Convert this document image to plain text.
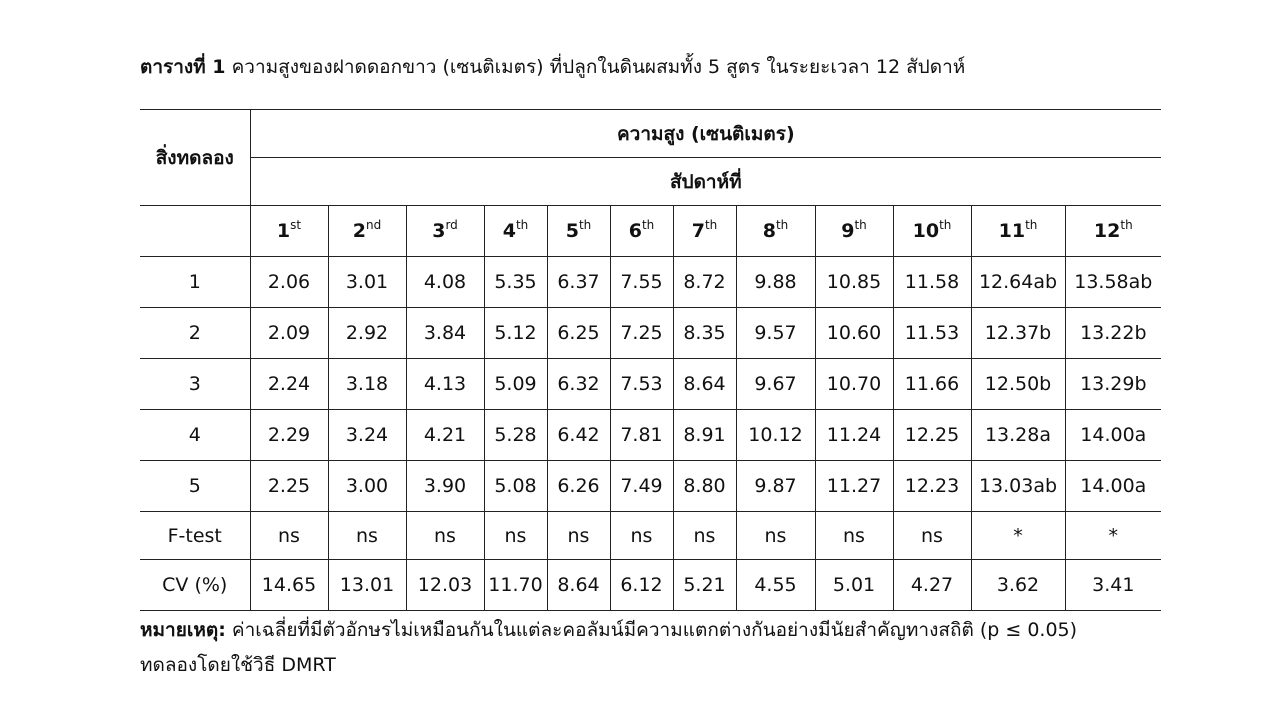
ตารางที่ 1 ความสูงของฝาดดอกขาว (เซนติเมตร) ที่ปลูกในดินผสมทั้ง 5 สูตร ในระยะเวลา 12 สัปดาห์
สิ่งทดลอง	ความสูง (เซนติเมตร)											
	สัปดาห์ที่											
	1st	2nd	3rd	4th	5th	6th	7th	8th	9th	10th	11th	12th
1	2.06	3.01	4.08	5.35	6.37	7.55	8.72	9.88	10.85	11.58	12.64ab	13.58ab
2	2.09	2.92	3.84	5.12	6.25	7.25	8.35	9.57	10.60	11.53	12.37b	13.22b
3	2.24	3.18	4.13	5.09	6.32	7.53	8.64	9.67	10.70	11.66	12.50b	13.29b
4	2.29	3.24	4.21	5.28	6.42	7.81	8.91	10.12	11.24	12.25	13.28a	14.00a
5	2.25	3.00	3.90	5.08	6.26	7.49	8.80	9.87	11.27	12.23	13.03ab	14.00a
F-test	ns	ns	ns	ns	ns	ns	ns	ns	ns	ns	*	*
CV (%)	14.65	13.01	12.03	11.70	8.64	6.12	5.21	4.55	5.01	4.27	3.62	3.41
หมายเหตุ: ค่าเฉลี่ยที่มีตัวอักษรไม่เหมือนกันในแต่ละคอลัมน์มีความแตกต่างกันอย่างมีนัยสำคัญทางสถิติ (p ≤ 0.05)
ทดลองโดยใช้วิธี DMRT
